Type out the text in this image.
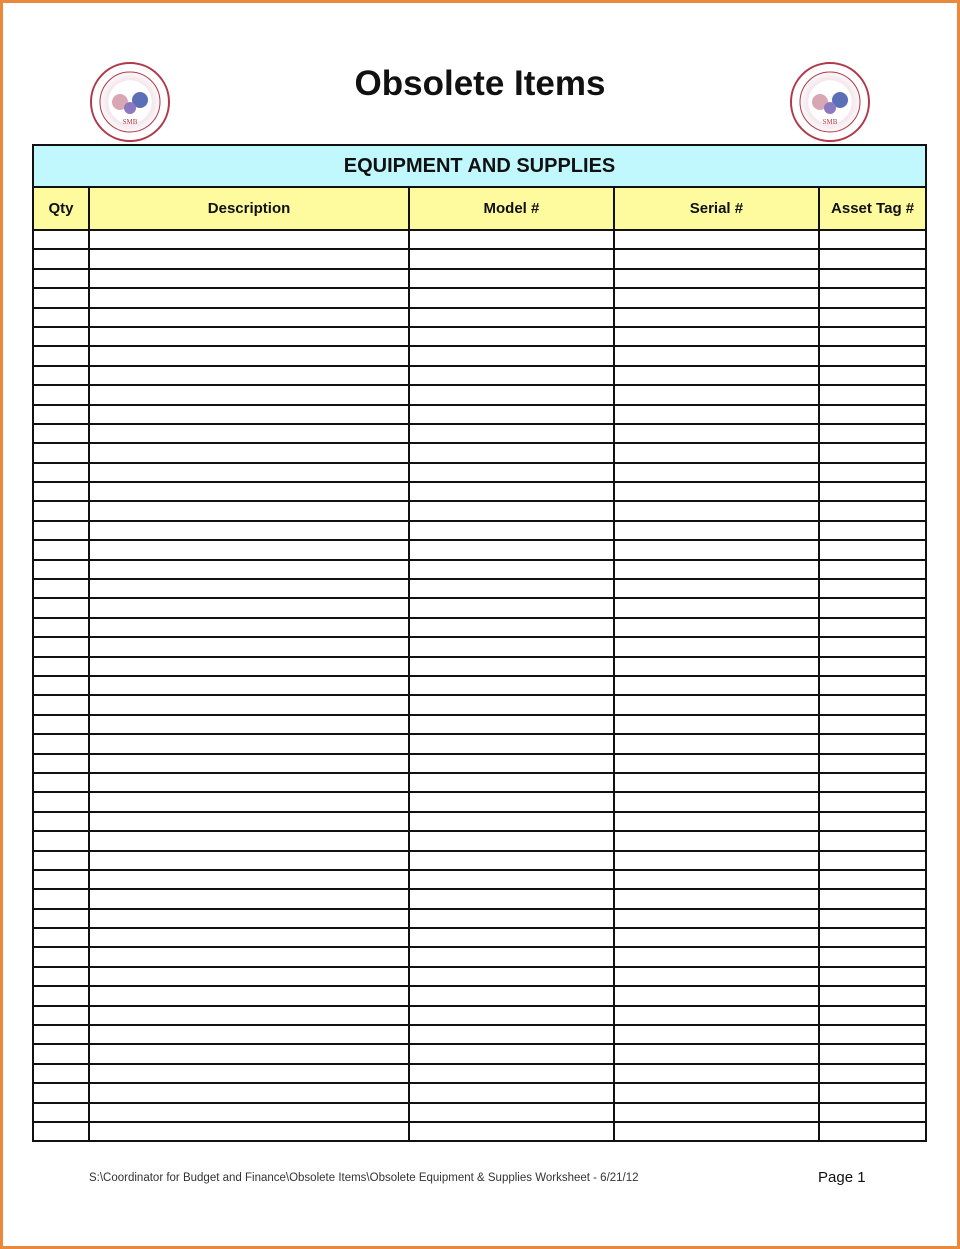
SMB	SMB
Obsolete Items
EQUIPMENT AND SUPPLIES				
Qty	Description	Model #	Serial #	Asset Tag #

S:\Coordinator for Budget and Finance\Obsolete Items\Obsolete Equipment & Supplies Worksheet - 6/21/12	Page 1
